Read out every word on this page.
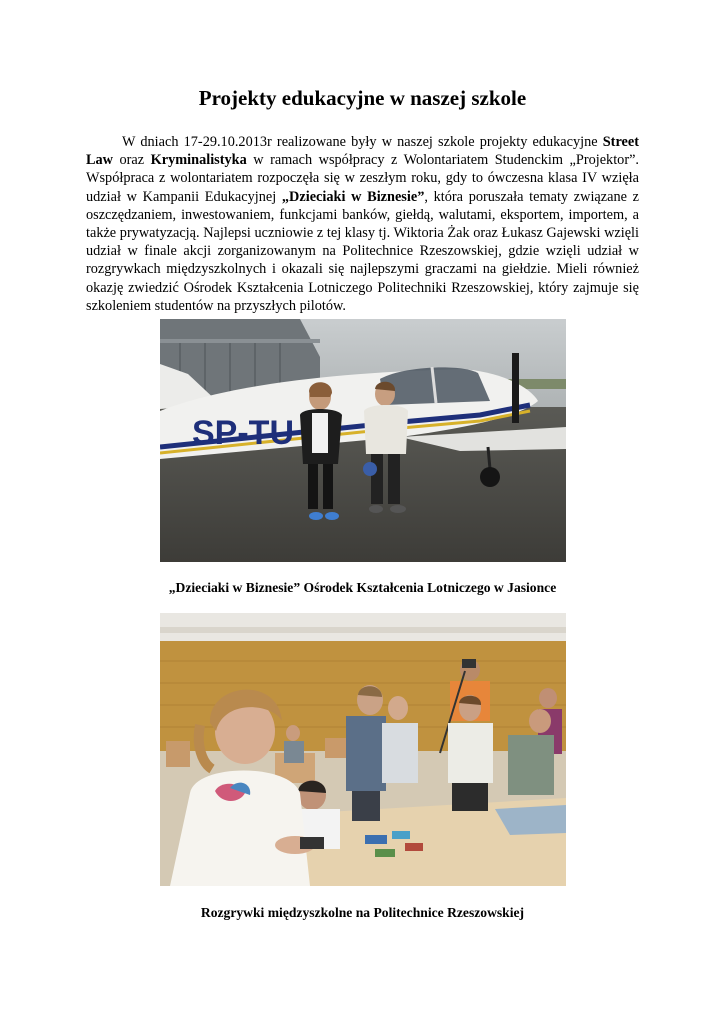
Projekty edukacyjne w naszej szkole
W dniach 17-29.10.2013r realizowane były w naszej szkole projekty edukacyjne Street Law oraz Kryminalistyka w ramach współpracy z Wolontariatem Studenckim „Projektor”. Współpraca z wolontariatem rozpoczęła się w zeszłym roku, gdy to ówczesna klasa IV wzięła udział w Kampanii Edukacyjnej „Dzieciaki w Biznesie”, która poruszała tematy związane z oszczędzaniem, inwestowaniem, funkcjami banków, giełdą, walutami, eksportem, importem, a także prywatyzacją. Najlepsi uczniowie z tej klasy tj. Wiktoria Żak oraz Łukasz Gajewski wzięli udział w finale akcji zorganizowanym na Politechnice Rzeszowskiej, gdzie wzięli udział w rozgrywkach międzyszkolnych i okazali się najlepszymi graczami na giełdzie. Mieli również okazję zwiedzić Ośrodek Kształcenia Lotniczego Politechniki Rzeszowskiej, który zajmuje się szkoleniem studentów na przyszłych pilotów.
SP-TU
„Dzieciaki w Biznesie” Ośrodek Kształcenia Lotniczego w Jasionce
Rozgrywki międzyszkolne na Politechnice Rzeszowskiej
